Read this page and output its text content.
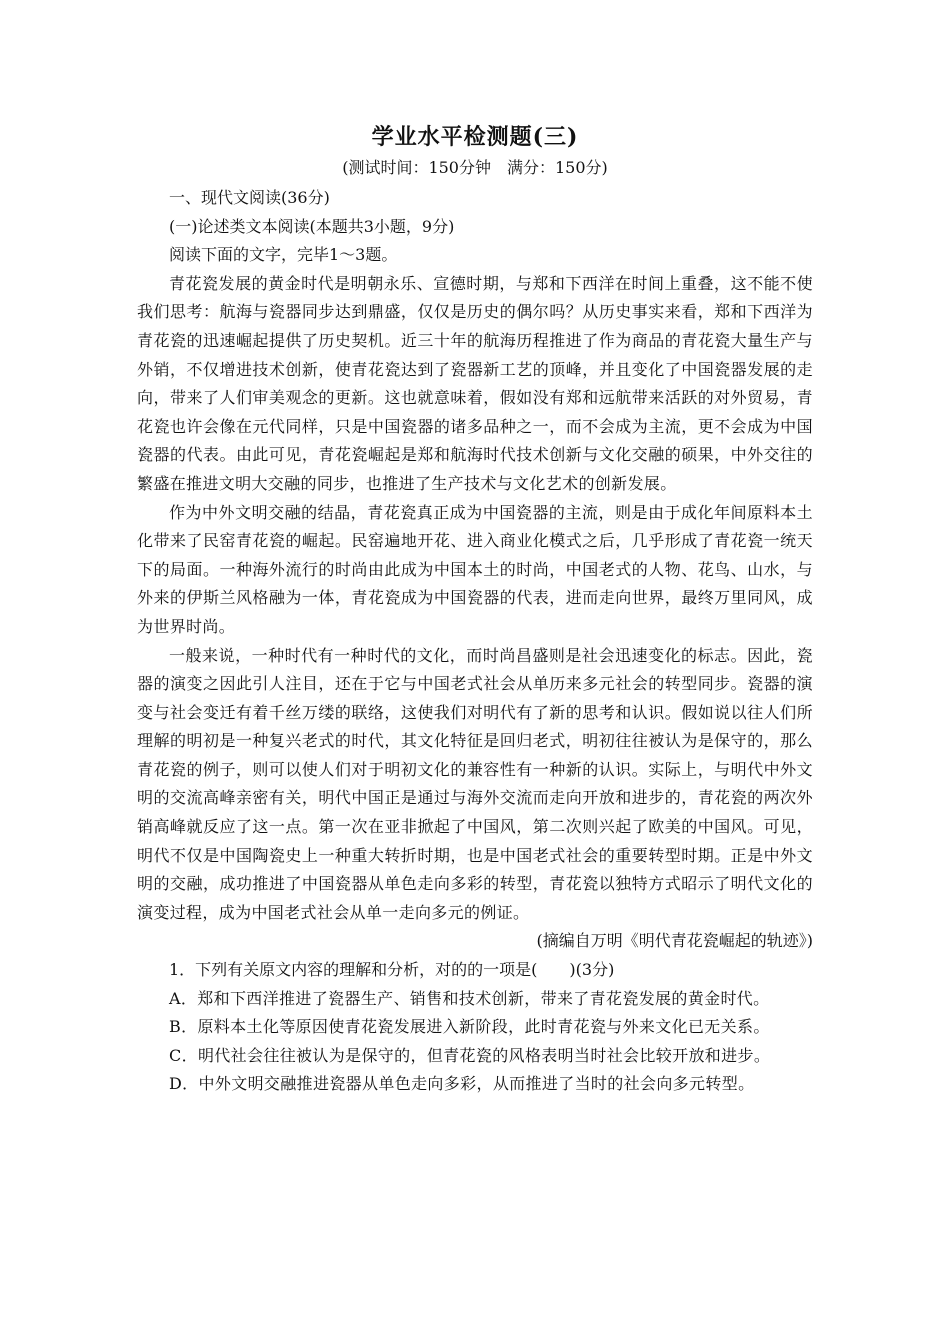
学业水平检测题(三)

(测试时间：150分钟　满分：150分)

一、现代文阅读(36分)

(一)论述类文本阅读(本题共3小题，9分)

阅读下面的文字，完毕1～3题。

青花瓷发展的黄金时代是明朝永乐、宣德时期，与郑和下西洋在时间上重叠，这不能不使我们思考：航海与瓷器同步达到鼎盛，仅仅是历史的偶尔吗？从历史事实来看，郑和下西洋为青花瓷的迅速崛起提供了历史契机。近三十年的航海历程推进了作为商品的青花瓷大量生产与外销，不仅增进技术创新，使青花瓷达到了瓷器新工艺的顶峰，并且变化了中国瓷器发展的走向，带来了人们审美观念的更新。这也就意味着，假如没有郑和远航带来活跃的对外贸易，青花瓷也许会像在元代同样，只是中国瓷器的诸多品种之一，而不会成为主流，更不会成为中国瓷器的代表。由此可见，青花瓷崛起是郑和航海时代技术创新与文化交融的硕果，中外交往的繁盛在推进文明大交融的同步，也推进了生产技术与文化艺术的创新发展。

作为中外文明交融的结晶，青花瓷真正成为中国瓷器的主流，则是由于成化年间原料本土化带来了民窑青花瓷的崛起。民窑遍地开花、进入商业化模式之后，几乎形成了青花瓷一统天下的局面。一种海外流行的时尚由此成为中国本土的时尚，中国老式的人物、花鸟、山水，与外来的伊斯兰风格融为一体，青花瓷成为中国瓷器的代表，进而走向世界，最终万里同风，成为世界时尚。

一般来说，一种时代有一种时代的文化，而时尚昌盛则是社会迅速变化的标志。因此，瓷器的演变之因此引人注目，还在于它与中国老式社会从单历来多元社会的转型同步。瓷器的演变与社会变迁有着千丝万缕的联络，这使我们对明代有了新的思考和认识。假如说以往人们所理解的明初是一种复兴老式的时代，其文化特征是回归老式，明初往往被认为是保守的，那么青花瓷的例子，则可以使人们对于明初文化的兼容性有一种新的认识。实际上，与明代中外文明的交流高峰亲密有关，明代中国正是通过与海外交流而走向开放和进步的，青花瓷的两次外销高峰就反应了这一点。第一次在亚非掀起了中国风，第二次则兴起了欧美的中国风。可见，明代不仅是中国陶瓷史上一种重大转折时期，也是中国老式社会的重要转型时期。正是中外文明的交融，成功推进了中国瓷器从单色走向多彩的转型，青花瓷以独特方式昭示了明代文化的演变过程，成为中国老式社会从单一走向多元的例证。

(摘编自万明《明代青花瓷崛起的轨迹》)

1．下列有关原文内容的理解和分析，对的的一项是(　　)(3分)

A．郑和下西洋推进了瓷器生产、销售和技术创新，带来了青花瓷发展的黄金时代。

B．原料本土化等原因使青花瓷发展进入新阶段，此时青花瓷与外来文化已无关系。

C．明代社会往往被认为是保守的，但青花瓷的风格表明当时社会比较开放和进步。

D．中外文明交融推进瓷器从单色走向多彩，从而推进了当时的社会向多元转型。
